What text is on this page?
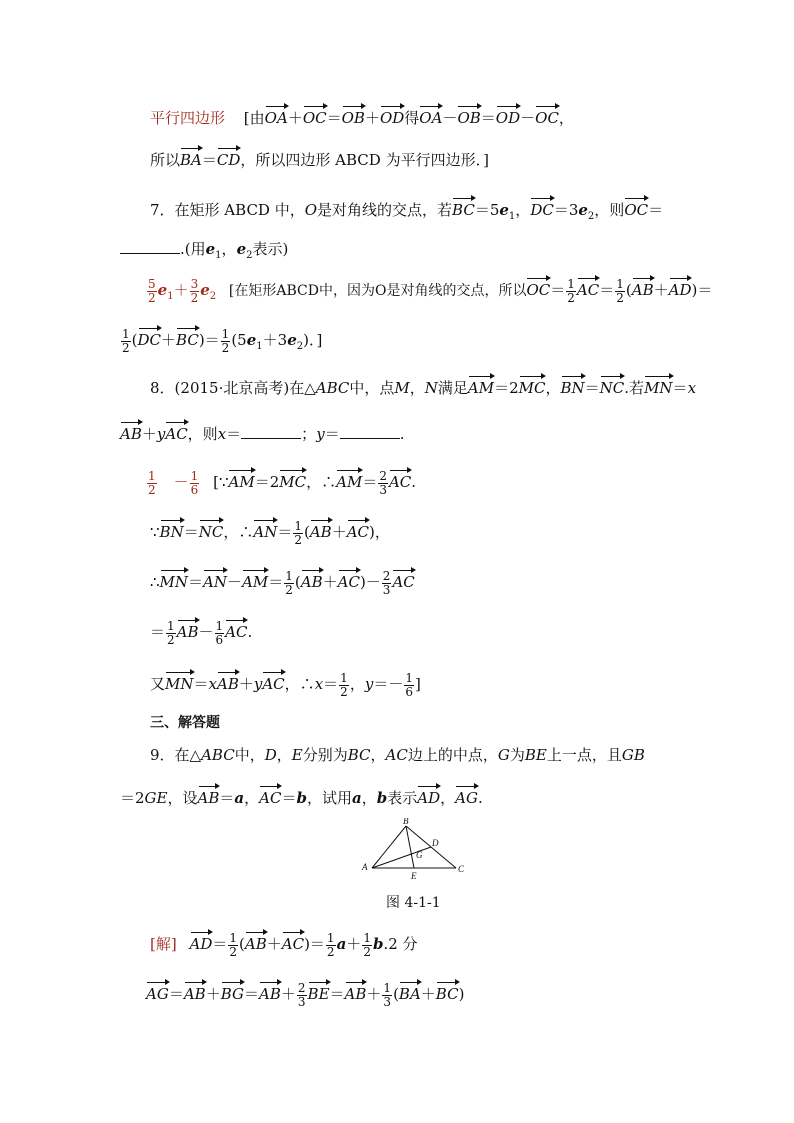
平行四边形 [由OA＋OC＝OB＋OD得OA－OB＝OD－OC，
所以BA＝CD，所以四边形 ABCD 为平行四边形．]
7．在矩形 ABCD 中，O是对角线的交点，若$BC=5e_1$，$DC=3e_2$，则OC＝
.(用$e_1$，$e_2$表示)
$\frac{5}{2} e_1+ \frac{3}{2} e_2$ [在矩形ABCD中，因为O是对角线的交点，所以$OC= \frac{1}{2} AC= \frac{1}{2} (AB+AD)=$
$\frac{1}{2} (DC+BC)= \frac{1}{2} (5e_1+3e_2)$．]
8．(2015·北京高考)在△ABC中，点M，N满足AM＝2MC，BN＝NC.若MN＝x
AB＋yAC，则x＝	；y＝	.
$\frac{1}{2} - \frac{1}{6}$ [∵AM＝2MC，∴AM＝ $\frac{2}{3}$ AC.
∵BN＝NC，∴AN＝ $\frac{1}{2} (AB+AC)$，
∴MN＝AN－AM＝ $\frac{1}{2} (AB+AC)- \frac{2}{3}$ AC
＝ $\frac{1}{2} AB- \frac{1}{6}$ AC.
又MN＝xAB＋yAC，∴x＝ $\frac{1}{2}$ ，$y=- \frac{1}{6}$ ]
三、解答题
9．在△ABC中，D，E分别为BC，AC边上的中点，G为BE上一点，且GB
＝2GE，设AB＝a，AC＝b，试用a，b表示AD，AG.
A
B
C
D
E
G
图 4-1-1
[解] $AD= \frac{1}{2} (AB+AC)= \frac{1}{2} a+ \frac{1}{2} b.2$ 分
$AG=AB+BG=AB+ \frac{2}{3} BE=AB+ \frac{1}{3} (BA+BC)$
